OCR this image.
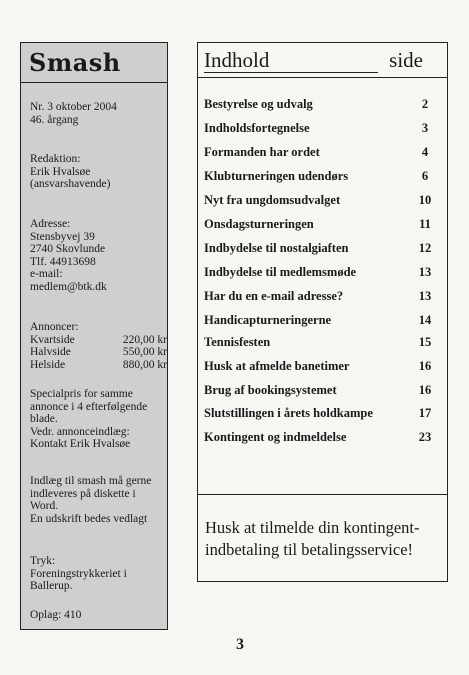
Smash
Nr. 3 oktober 2004
46. årgang
Redaktion:
Erik Hvalsøe
(ansvarshavende)
Adresse:
Stensbyvej 39
2740 Skovlunde
Tlf. 44913698
e-mail:
medlem@btk.dk
Annoncer:
Kvartside	220,00 kr
Halvside	550,00 kr
Helside	880,00 kr
Specialpris for samme annonce i 4 efterfølgende blade.
Vedr. annonceindlæg:
Kontakt Erik Hvalsøe
Indlæg til smash må gerne indleveres på diskette i Word.
En udskrift bedes vedlagt
Tryk:
Foreningstrykkeriet i Ballerup.
Oplag: 410
Indhold	side
Bestyrelse og udvalg	2
Indholdsfortegnelse	3
Formanden har ordet	4
Klubturneringen udendørs	6
Nyt fra ungdomsudvalget	10
Onsdagsturneringen	11
Indbydelse til nostalgiaften	12
Indbydelse til medlemsmøde	13
Har du en e-mail adresse?	13
Handicapturneringerne	14
Tennisfesten	15
Husk at afmelde banetimer	16
Brug af bookingsystemet	16
Slutstillingen i årets holdkampe	17
Kontingent og indmeldelse	23
Husk at tilmelde din kontingent-
indbetaling til betalingsservice!
3
